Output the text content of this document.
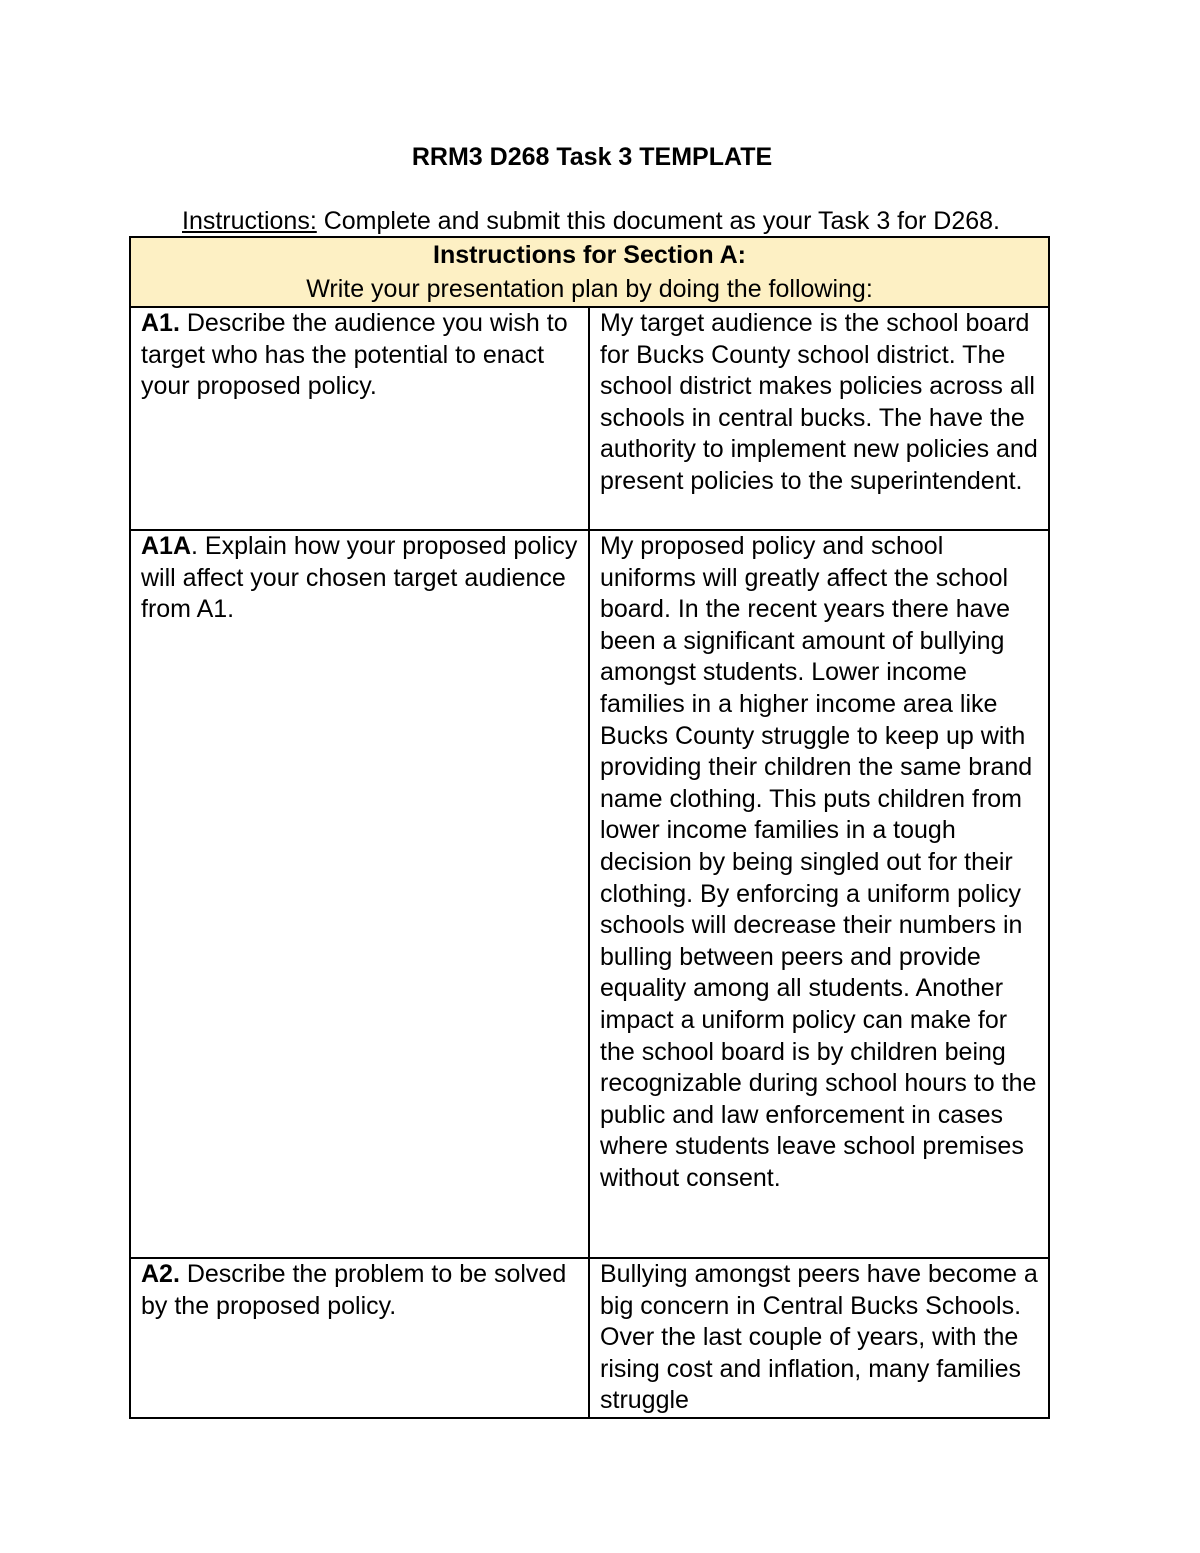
RRM3 D268 Task 3 TEMPLATE
Instructions: Complete and submit this document as your Task 3 for D268.
Instructions for Section A:
Write your presentation plan by doing the following:	

A1. Describe the audience you wish to target who has the potential to enact your proposed policy.	My target audience is the school board for Bucks County school district. The school district makes policies across all schools in central bucks. The have the authority to implement new policies and present policies to the superintendent.
A1A. Explain how your proposed policy will affect your chosen target audience from A1.	My proposed policy and school uniforms will greatly affect the school board. In the recent years there have been a significant amount of bullying amongst students. Lower income families in a higher income area like Bucks County struggle to keep up with providing their children the same brand name clothing. This puts children from lower income families in a tough decision by being singled out for their clothing. By enforcing a uniform policy schools will decrease their numbers in bulling between peers and provide equality among all students. Another impact a uniform policy can make for the school board is by children being recognizable during school hours to the public and law enforcement in cases where students leave school premises without consent.
A2. Describe the problem to be solved by the proposed policy.	Bullying amongst peers have become a big concern in Central Bucks Schools. Over the last couple of years, with the rising cost and inflation, many families struggle
